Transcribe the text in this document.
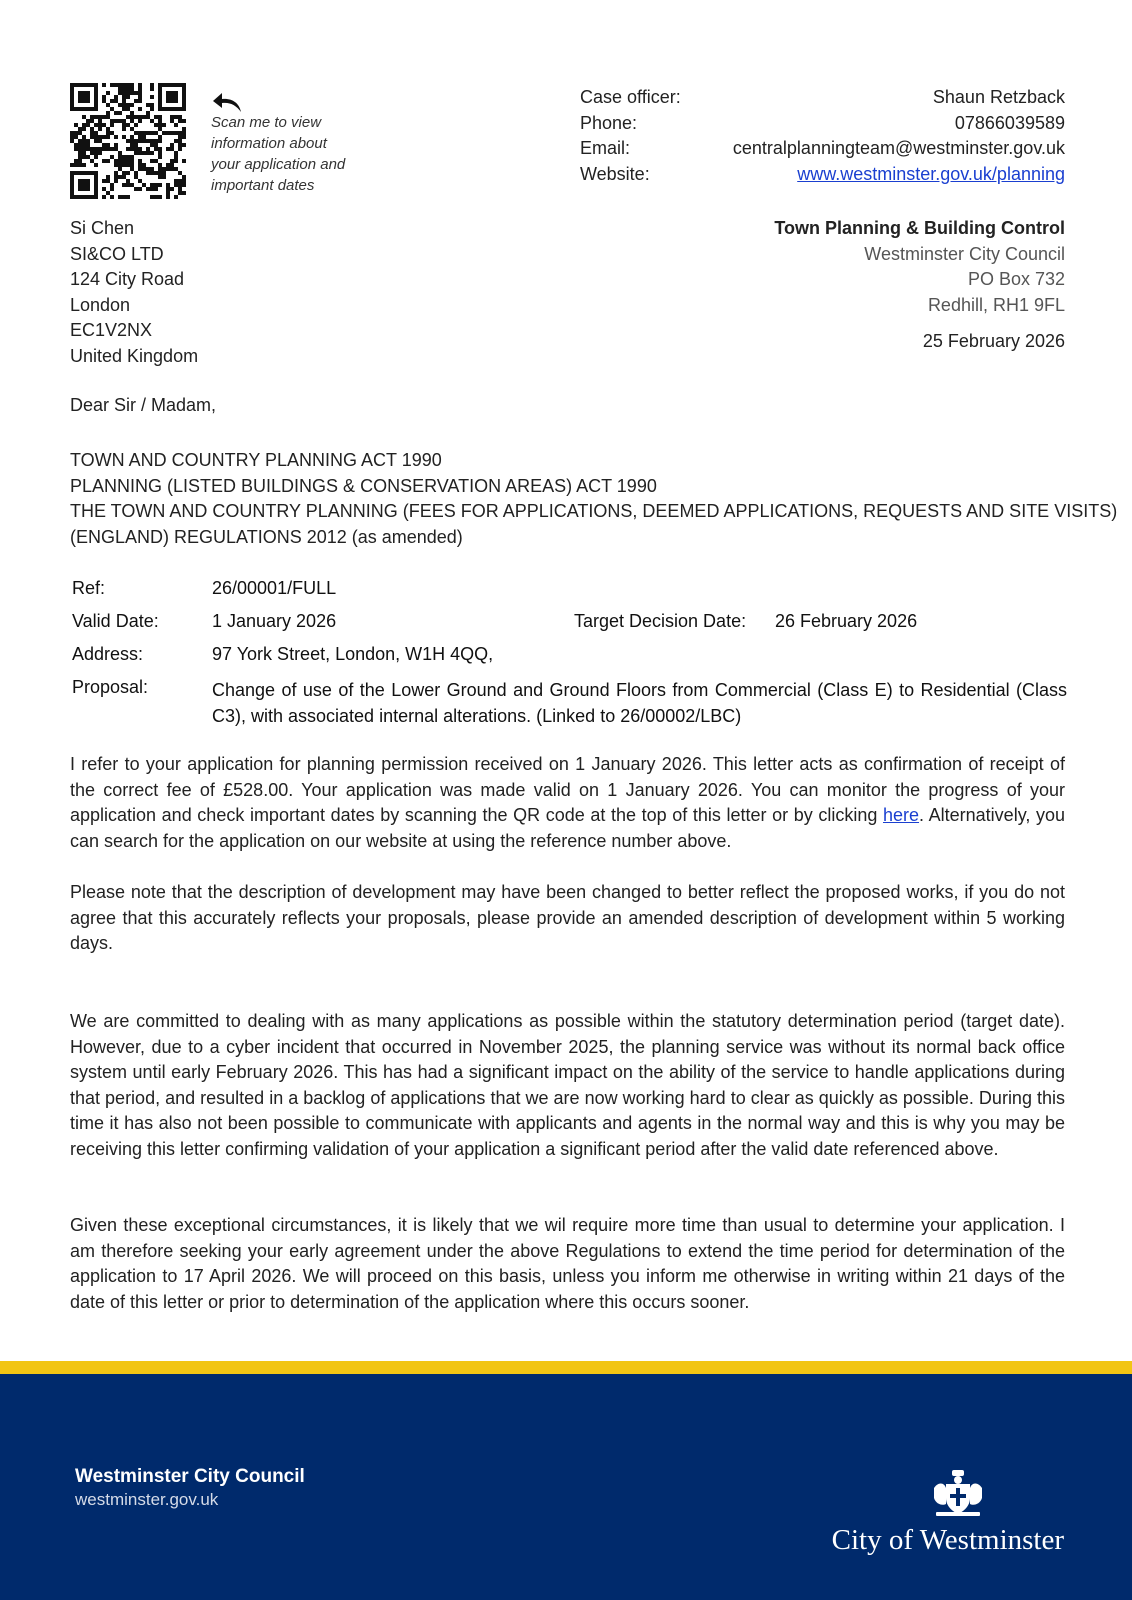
Scan me to view
information about
your application and
important dates
Case officer:	Shaun Retzback
Phone:	07866039589
Email:	centralplanningteam@westminster.gov.uk
Website:	www.westminster.gov.uk/planning
Si Chen
SI&CO LTD
124 City Road
London
EC1V2NX
United Kingdom
Town Planning & Building Control
Westminster City Council
PO Box 732
Redhill, RH1 9FL
25 February 2026
Dear Sir / Madam,
TOWN AND COUNTRY PLANNING ACT 1990
PLANNING (LISTED BUILDINGS & CONSERVATION AREAS) ACT 1990
THE TOWN AND COUNTRY PLANNING (FEES FOR APPLICATIONS, DEEMED APPLICATIONS, REQUESTS AND SITE VISITS)
(ENGLAND) REGULATIONS 2012 (as amended)
Ref:	26/00001/FULL
Valid Date:	1 January 2026	Target Decision Date: 26 February 2026
Address:	97 York Street, London, W1H 4QQ,
Proposal:	Change of use of the Lower Ground and Ground Floors from Commercial (Class E) to Residential (Class C3), with associated internal alterations. (Linked to 26/00002/LBC)
I refer to your application for planning permission received on 1 January 2026. This letter acts as confirmation of receipt of the correct fee of £528.00. Your application was made valid on 1 January 2026. You can monitor the progress of your application and check important dates by scanning the QR code at the top of this letter or by clicking here. Alternatively, you can search for the application on our website at using the reference number above.
Please note that the description of development may have been changed to better reflect the proposed works, if you do not agree that this accurately reflects your proposals, please provide an amended description of development within 5 working days.
We are committed to dealing with as many applications as possible within the statutory determination period (target date). However, due to a cyber incident that occurred in November 2025, the planning service was without its normal back office system until early February 2026. This has had a significant impact on the ability of the service to handle applications during that period, and resulted in a backlog of applications that we are now working hard to clear as quickly as possible. During this time it has also not been possible to communicate with applicants and agents in the normal way and this is why you may be receiving this letter confirming validation of your application a significant period after the valid date referenced above.
Given these exceptional circumstances, it is likely that we wil require more time than usual to determine your application. I am therefore seeking your early agreement under the above Regulations to extend the time period for determination of the application to 17 April 2026. We will proceed on this basis, unless you inform me otherwise in writing within 21 days of the date of this letter or prior to determination of the application where this occurs sooner.
Westminster City Council
westminster.gov.uk
City of Westminster
